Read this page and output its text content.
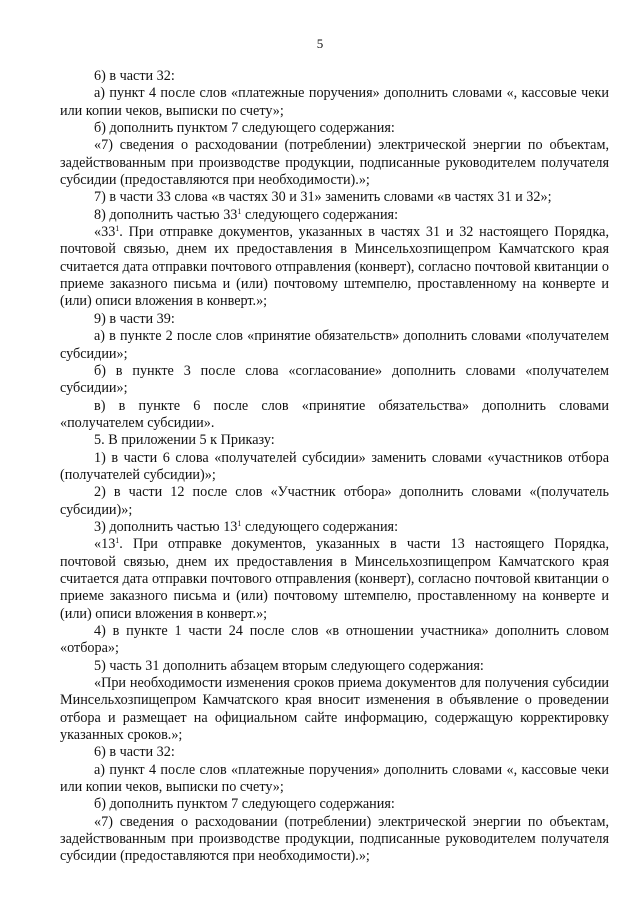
5

6) в части 32:

а) пункт 4 после слов «платежные поручения» дополнить словами «, кассовые чеки или копии чеков, выписки по счету»;

б) дополнить пунктом 7 следующего содержания:

«7) сведения о расходовании (потреблении) электрической энергии по объектам, задействованным при производстве продукции, подписанные руководителем получателя субсидии (предоставляются при необходимости).»;

7) в части 33 слова «в частях 30 и 31» заменить словами «в частях 31 и 32»;

8) дополнить частью $33^1$ следующего содержания:

«$33^1$. При отправке документов, указанных в частях 31 и 32 настоящего Порядка, почтовой связью, днем их предоставления в Минсельхозпищепром Камчатского края считается дата отправки почтового отправления (конверт), согласно почтовой квитанции о приеме заказного письма и (или) почтовому штемпелю, проставленному на конверте и (или) описи вложения в конверт.»;

9) в части 39:

а) в пункте 2 после слов «принятие обязательств» дополнить словами «получателем субсидии»;

б) в пункте 3 после слова «согласование» дополнить словами «получателем субсидии»;

в) в пункте 6 после слов «принятие обязательства» дополнить словами «получателем субсидии».

5. В приложении 5 к Приказу:

1) в части 6 слова «получателей субсидии» заменить словами «участников отбора (получателей субсидии)»;

2) в части 12 после слов «Участник отбора» дополнить словами «(получатель субсидии)»;

3) дополнить частью $13^1$ следующего содержания:

«$13^1$. При отправке документов, указанных в части 13 настоящего Порядка, почтовой связью, днем их предоставления в Минсельхозпищепром Камчатского края считается дата отправки почтового отправления (конверт), согласно почтовой квитанции о приеме заказного письма и (или) почтовому штемпелю, проставленному на конверте и (или) описи вложения в конверт.»;

4) в пункте 1 части 24 после слов «в отношении участника» дополнить словом «отбора»;

5) часть 31 дополнить абзацем вторым следующего содержания:

«При необходимости изменения сроков приема документов для получения субсидии Минсельхозпищепром Камчатского края вносит изменения в объявление о проведении отбора и размещает на официальном сайте информацию, содержащую корректировку указанных сроков.»;

6) в части 32:

а) пункт 4 после слов «платежные поручения» дополнить словами «, кассовые чеки или копии чеков, выписки по счету»;

б) дополнить пунктом 7 следующего содержания:

«7) сведения о расходовании (потреблении) электрической энергии по объектам, задействованным при производстве продукции, подписанные руководителем получателя субсидии (предоставляются при необходимости).»;
